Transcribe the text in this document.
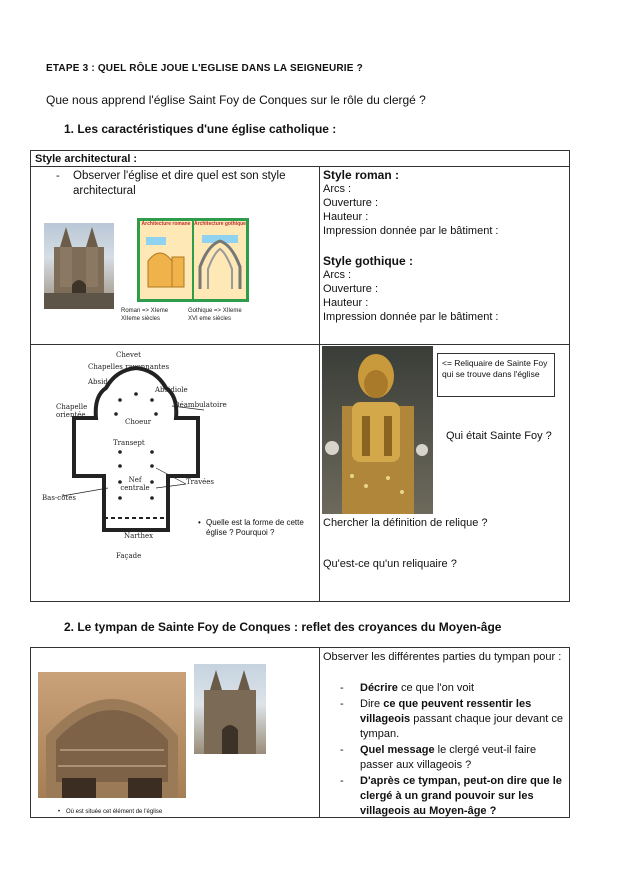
ETAPE 3 : QUEL RÔLE JOUE L'EGLISE DANS LA SEIGNEURIE ?
Que nous apprend l'église Saint Foy de Conques sur le rôle du clergé ?
1. Les caractéristiques d'une église catholique :
Style architectural :
- Observer l'église et dire quel est son style architectural
Architecture romane Architecture gothique
Roman => XIeme
XIIeme siècles
Gothique => XIIeme
XVI eme siècles
Style roman :
Arcs :
Ouverture :
Hauteur :
Impression donnée par le bâtiment :
Style gothique :
Arcs :
Ouverture :
Hauteur :
Impression donnée par le bâtiment :
Chevet
Chapelles rayonnantes
Abside
Absidiole
Déambulatoire
Chapelle orientée
Choeur
Transept
Nef centrale
Travées
Bas-côtés
Narthex
Façade
• Quelle est la forme de cette église ? Pourquoi ?
<= Reliquaire de Sainte Foy qui se trouve dans l'église
Qui était Sainte Foy ?
Chercher la définition de relique ?
Qu'est-ce qu'un reliquaire ?
2. Le tympan de Sainte Foy de Conques : reflet des croyances du Moyen-âge
• Où est située cet élément de l'église
Observer les différentes parties du tympan pour :
- Décrire ce que l'on voit
- Dire ce que peuvent ressentir les villageois passant chaque jour devant ce tympan.
- Quel message le clergé veut-il faire passer aux villageois ?
- D'après ce tympan, peut-on dire que le clergé à un grand pouvoir sur les villageois au Moyen-âge ?
